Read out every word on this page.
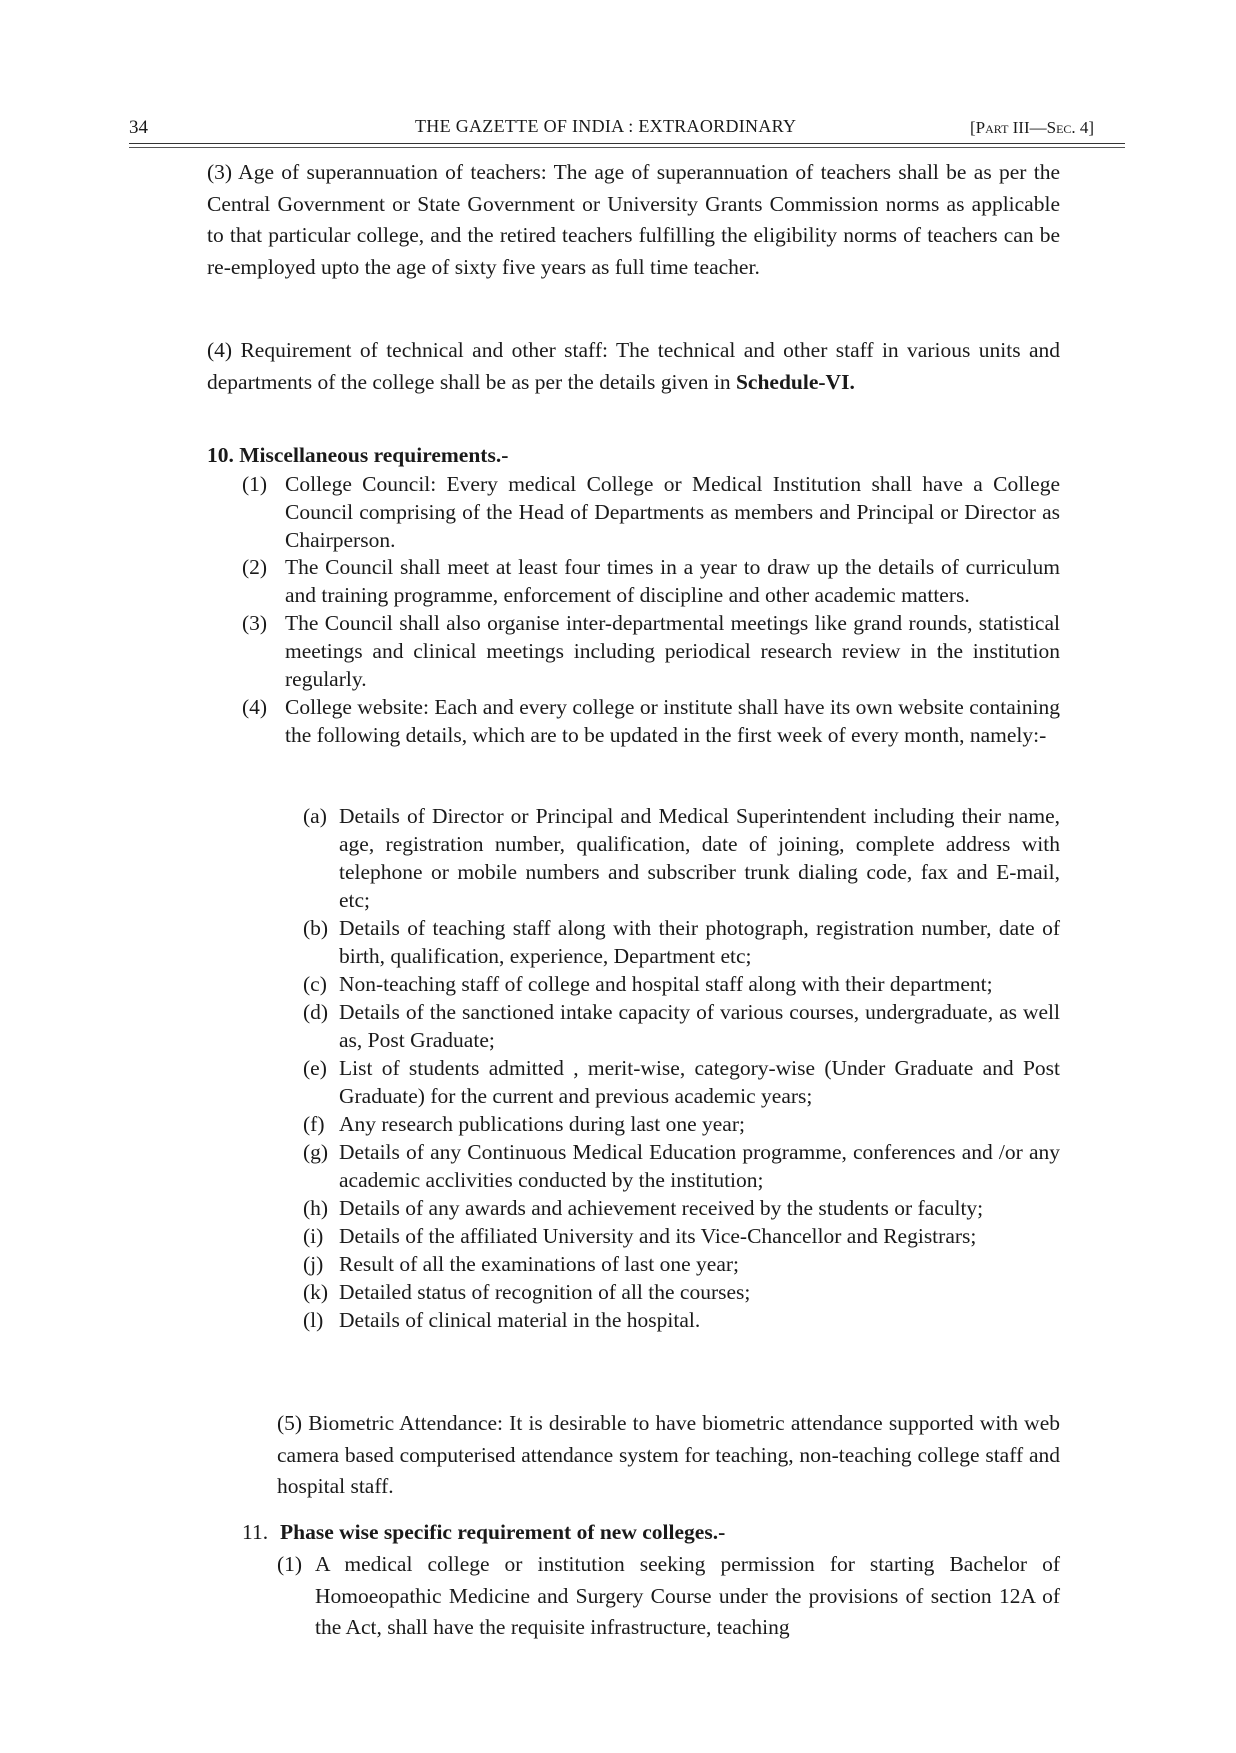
34	THE GAZETTE OF INDIA : EXTRAORDINARY	[Part III—Sec. 4]

(3) Age of superannuation of teachers: The age of superannuation of teachers shall be as per the Central Government or State Government or University Grants Commission norms as applicable to that particular college, and the retired teachers fulfilling the eligibility norms of teachers can be re-employed upto the age of sixty five years as full time teacher.

(4) Requirement of technical and other staff: The technical and other staff in various units and departments of the college shall be as per the details given in Schedule-VI.

10. Miscellaneous requirements.-
(1) College Council: Every medical College or Medical Institution shall have a College Council comprising of the Head of Departments as members and Principal or Director as Chairperson.
(2) The Council shall meet at least four times in a year to draw up the details of curriculum and training programme, enforcement of discipline and other academic matters.
(3) The Council shall also organise inter-departmental meetings like grand rounds, statistical meetings and clinical meetings including periodical research review in the institution regularly.
(4) College website: Each and every college or institute shall have its own website containing the following details, which are to be updated in the first week of every month, namely:-
(a) Details of Director or Principal and Medical Superintendent including their name, age, registration number, qualification, date of joining, complete address with telephone or mobile numbers and subscriber trunk dialing code, fax and E-mail, etc;
(b) Details of teaching staff along with their photograph, registration number, date of birth, qualification, experience, Department etc;
(c) Non-teaching staff of college and hospital staff along with their department;
(d) Details of the sanctioned intake capacity of various courses, undergraduate, as well as, Post Graduate;
(e) List of students admitted , merit-wise, category-wise (Under Graduate and Post Graduate) for the current and previous academic years;
(f) Any research publications during last one year;
(g) Details of any Continuous Medical Education programme, conferences and /or any academic acclivities conducted by the institution;
(h) Details of any awards and achievement received by the students or faculty;
(i) Details of the affiliated University and its Vice-Chancellor and Registrars;
(j) Result of all the examinations of last one year;
(k) Detailed status of recognition of all the courses;
(l) Details of clinical material in the hospital.

(5) Biometric Attendance: It is desirable to have biometric attendance supported with web camera based computerised attendance system for teaching, non-teaching college staff and hospital staff.

11. Phase wise specific requirement of new colleges.-
(1) A medical college or institution seeking permission for starting Bachelor of Homoeopathic Medicine and Surgery Course under the provisions of section 12A of the Act, shall have the requisite infrastructure, teaching
